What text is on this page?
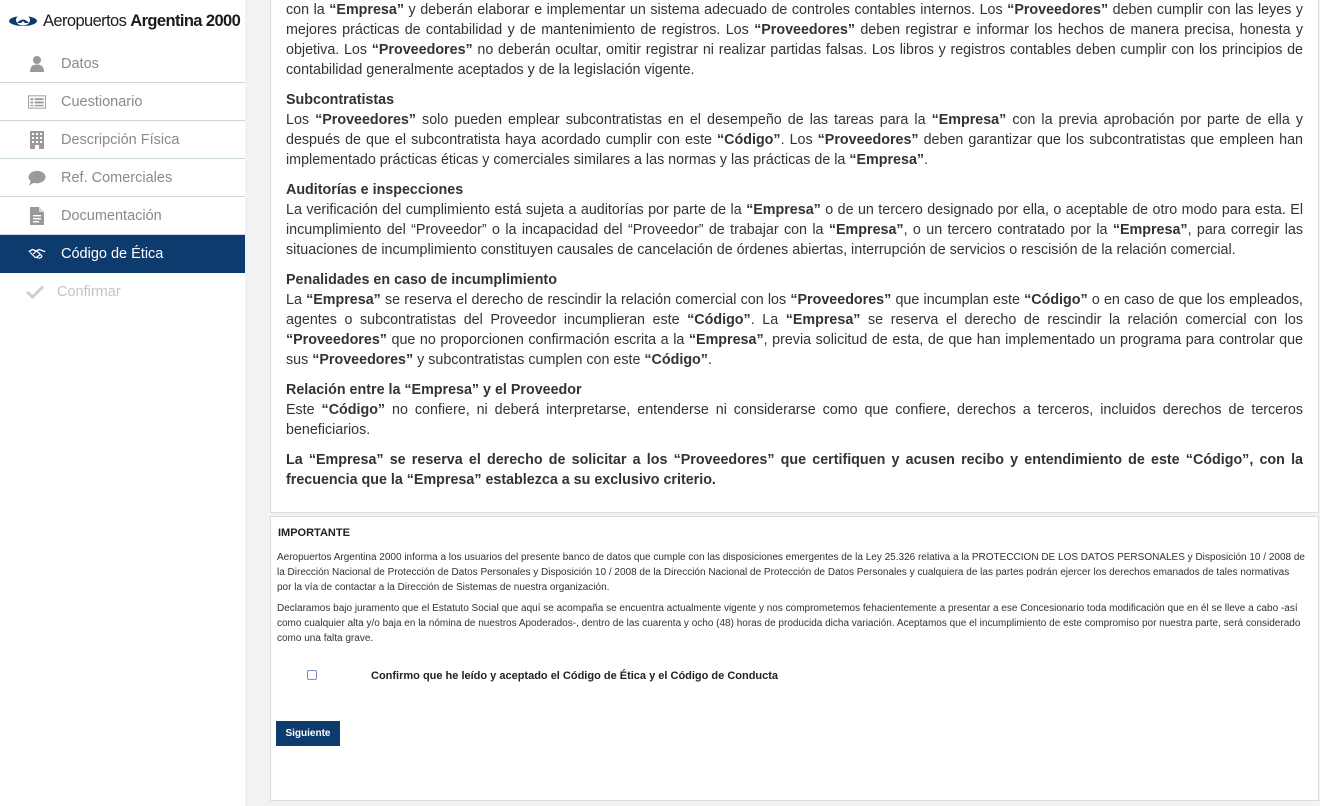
Aeropuertos Argentina 2000
Datos
Cuestionario
Descripción Física
Ref. Comerciales
Documentación
Código de Ética
Confirmar

con la “Empresa” y deberán elaborar e implementar un sistema adecuado de controles contables internos. Los “Proveedores” deben cumplir con las leyes y mejores prácticas de contabilidad y de mantenimiento de registros. Los “Proveedores” deben registrar e informar los hechos de manera precisa, honesta y objetiva. Los “Proveedores” no deberán ocultar, omitir registrar ni realizar partidas falsas. Los libros y registros contables deben cumplir con los principios de contabilidad generalmente aceptados y de la legislación vigente.

Subcontratistas

Los “Proveedores” solo pueden emplear subcontratistas en el desempeño de las tareas para la “Empresa” con la previa aprobación por parte de ella y después de que el subcontratista haya acordado cumplir con este “Código”. Los “Proveedores” deben garantizar que los subcontratistas que empleen han implementado prácticas éticas y comerciales similares a las normas y las prácticas de la “Empresa”.

Auditorías e inspecciones

La verificación del cumplimiento está sujeta a auditorías por parte de la “Empresa” o de un tercero designado por ella, o aceptable de otro modo para esta. El incumplimiento del “Proveedor” o la incapacidad del “Proveedor” de trabajar con la “Empresa”, o un tercero contratado por la “Empresa”, para corregir las situaciones de incumplimiento constituyen causales de cancelación de órdenes abiertas, interrupción de servicios o rescisión de la relación comercial.

Penalidades en caso de incumplimiento

La “Empresa” se reserva el derecho de rescindir la relación comercial con los “Proveedores” que incumplan este “Código” o en caso de que los empleados, agentes o subcontratistas del Proveedor incumplieran este “Código”. La “Empresa” se reserva el derecho de rescindir la relación comercial con los “Proveedores” que no proporcionen confirmación escrita a la “Empresa”, previa solicitud de esta, de que han implementado un programa para controlar que sus “Proveedores” y subcontratistas cumplen con este “Código”.

Relación entre la “Empresa” y el Proveedor

Este “Código” no confiere, ni deberá interpretarse, entenderse ni considerarse como que confiere, derechos a terceros, incluidos derechos de terceros beneficiarios.

La “Empresa” se reserva el derecho de solicitar a los “Proveedores” que certifiquen y acusen recibo y entendimiento de este “Código”, con la frecuencia que la “Empresa” establezca a su exclusivo criterio.

IMPORTANTE

Aeropuertos Argentina 2000 informa a los usuarios del presente banco de datos que cumple con las disposiciones emergentes de la Ley 25.326 relativa a la PROTECCION DE LOS DATOS PERSONALES y Disposición 10 / 2008 de la Dirección Nacional de Protección de Datos Personales y Disposición 10 / 2008 de la Dirección Nacional de Protección de Datos Personales y cualquiera de las partes podrán ejercer los derechos emanados de tales normativas por la vía de contactar a la Dirección de Sistemas de nuestra organización.

Declaramos bajo juramento que el Estatuto Social que aquí se acompaña se encuentra actualmente vigente y nos comprometemos fehacientemente a presentar a ese Concesionario toda modificación que en él se lleve a cabo -así como cualquier alta y/o baja en la nómina de nuestros Apoderados-, dentro de las cuarenta y ocho (48) horas de producida dicha variación. Aceptamos que el incumplimiento de este compromiso por nuestra parte, será considerado como una falta grave.

Confirmo que he leído y aceptado el Código de Ética y el Código de Conducta
Siguiente
